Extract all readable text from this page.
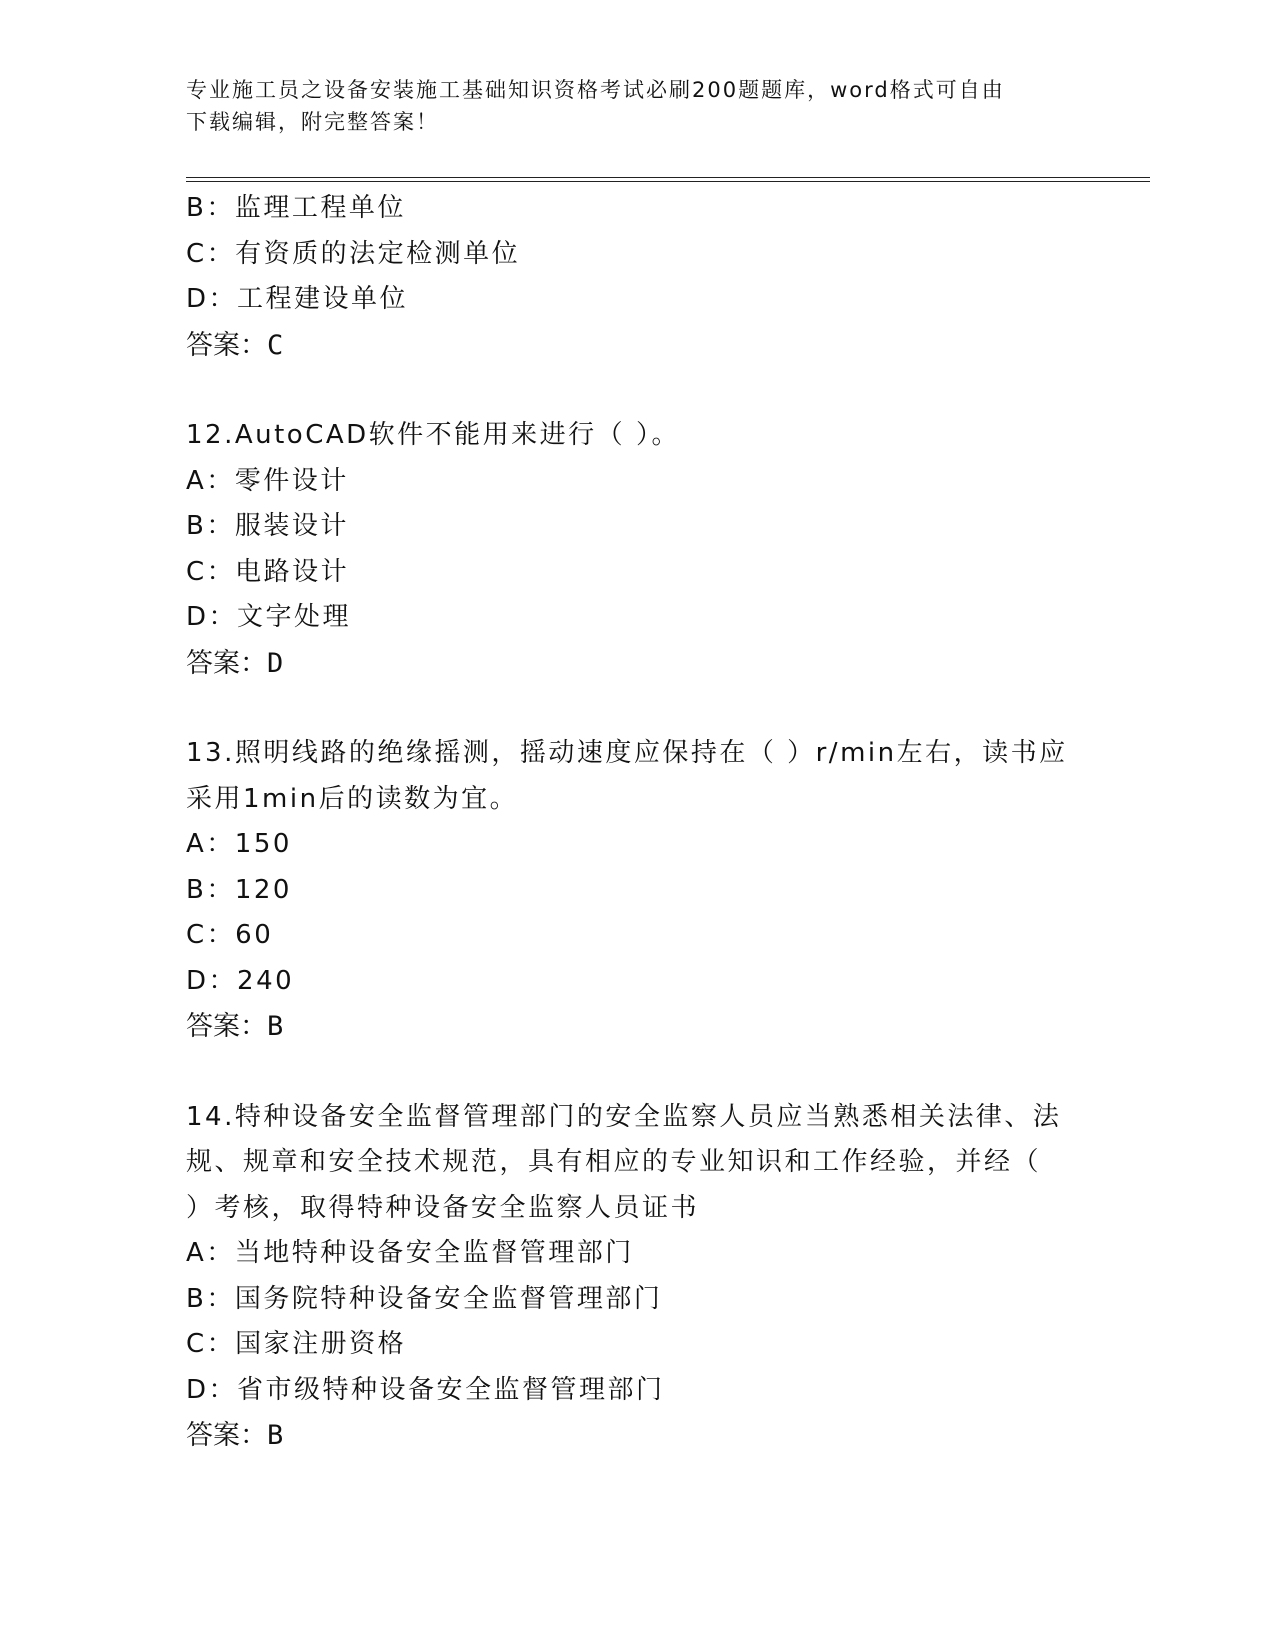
专业施工员之设备安装施工基础知识资格考试必刷200题题库，word格式可自由
下载编辑，附完整答案！
B：监理工程单位
C：有资质的法定检测单位
D：工程建设单位
答案：C
12.AutoCAD软件不能用来进行（ ）。
A：零件设计
B：服装设计
C：电路设计
D：文字处理
答案：D
13.照明线路的绝缘摇测，摇动速度应保持在（ ）r/min左右，读书应
采用1min后的读数为宜。
A：150
B：120
C：60
D：240
答案：B
14.特种设备安全监督管理部门的安全监察人员应当熟悉相关法律、法
规、规章和安全技术规范，具有相应的专业知识和工作经验，并经（
）考核，取得特种设备安全监察人员证书
A：当地特种设备安全监督管理部门
B：国务院特种设备安全监督管理部门
C：国家注册资格
D：省市级特种设备安全监督管理部门
答案：B
